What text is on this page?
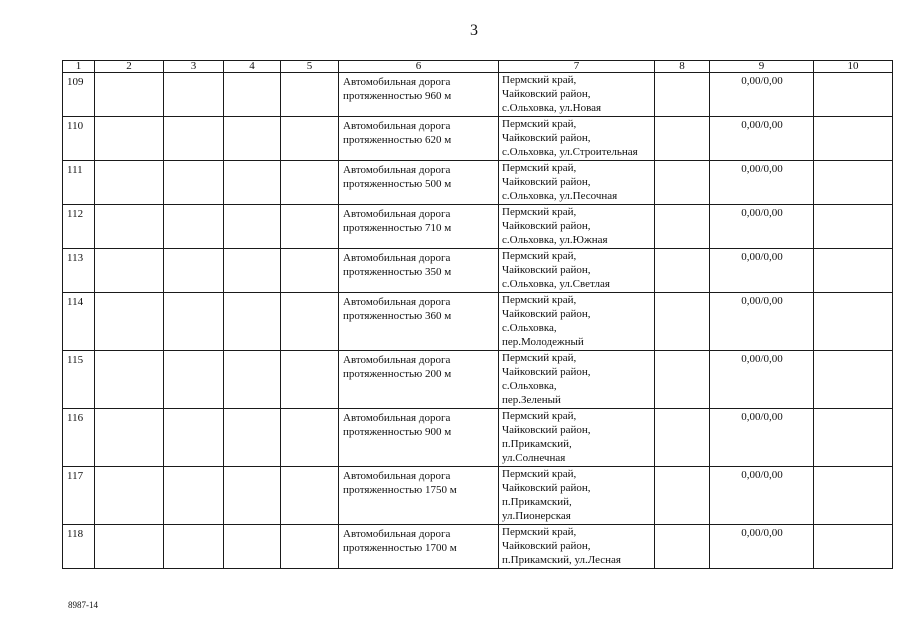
3
1	2	3	4	5	6	7	8	9	10
109					Автомобильная дорога
протяженностью 960 м	Пермский край,
Чайковский район,
с.Ольховка, ул.Новая		0,00/0,00	
110					Автомобильная дорога
протяженностью 620 м	Пермский край,
Чайковский район,
с.Ольховка, ул.Строительная		0,00/0,00	
111					Автомобильная дорога
протяженностью 500 м	Пермский край,
Чайковский район,
с.Ольховка, ул.Песочная		0,00/0,00	
112					Автомобильная дорога
протяженностью 710 м	Пермский край,
Чайковский район,
с.Ольховка, ул.Южная		0,00/0,00	
113					Автомобильная дорога
протяженностью 350 м	Пермский край,
Чайковский район,
с.Ольховка, ул.Светлая		0,00/0,00	
114					Автомобильная дорога
протяженностью 360 м	Пермский край,
Чайковский район,
с.Ольховка,
пер.Молодежный		0,00/0,00	
115					Автомобильная дорога
протяженностью 200 м	Пермский край,
Чайковский район,
с.Ольховка,
пер.Зеленый		0,00/0,00	
116					Автомобильная дорога
протяженностью 900 м	Пермский край,
Чайковский район,
п.Прикамский,
ул.Солнечная		0,00/0,00	
117					Автомобильная дорога
протяженностью 1750 м	Пермский край,
Чайковский район,
п.Прикамский,
ул.Пионерская		0,00/0,00	
118					Автомобильная дорога
протяженностью 1700 м	Пермский край,
Чайковский район,
п.Прикамский, ул.Лесная		0,00/0,00	
8987-14
